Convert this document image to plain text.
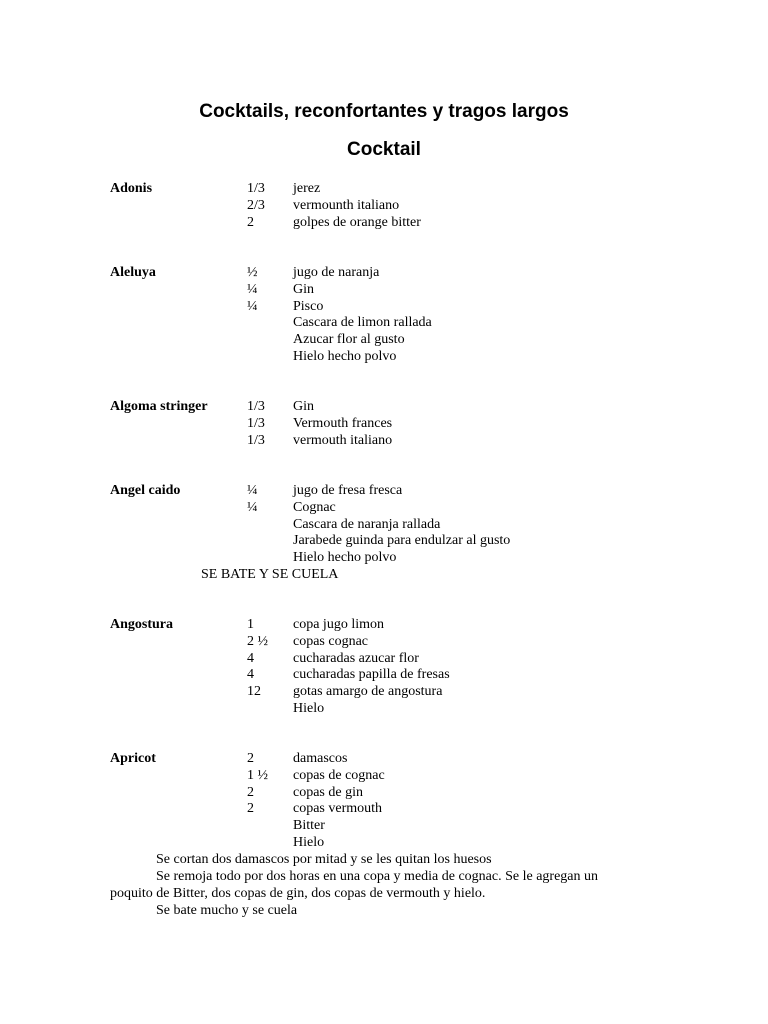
Cocktails, reconfortantes y tragos largos
Cocktail
Adonis	1/3 jerez
2/3 vermounth italiano
2	golpes de orange bitter
Aleluya	½	jugo de naranja
¼	Gin
¼	Pisco
Cascara de limon rallada
Azucar flor al gusto
Hielo hecho polvo
Algoma stringer	1/3 Gin
1/3 Vermouth frances
1/3 vermouth italiano
Angel caido	¼	jugo de fresa fresca
¼	Cognac
Cascara de naranja rallada
Jarabede guinda para endulzar al gusto
Hielo hecho polvo
SE BATE Y SE CUELA
Angostura	1	copa jugo limon
2 ½ copas cognac
4	cucharadas azucar flor
4	cucharadas papilla de fresas
12 gotas amargo de angostura
Hielo
Apricot	2	damascos
1 ½ copas de cognac
2	copas de gin
2	copas vermouth
Bitter
Hielo
Se cortan dos damascos por mitad y se les quitan los huesos
Se remoja todo por dos horas en una copa y media de cognac. Se le agregan un
poquito de Bitter, dos copas de gin, dos copas de vermouth y hielo.
Se bate mucho y se cuela
